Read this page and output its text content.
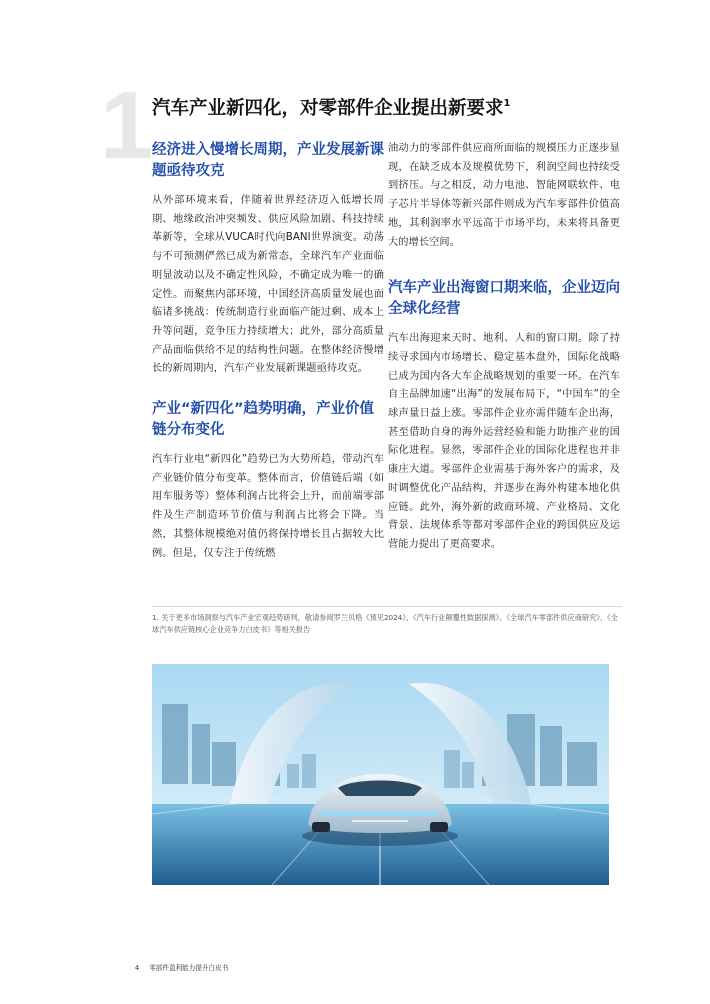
1
汽车产业新四化，对零部件企业提出新要求$^1$
经济进入慢增长周期，产业发展新课题亟待攻克

从外部环境来看，伴随着世界经济迈入低增长周期、地缘政治冲突频发、供应风险加剧、科技持续革新等，全球从VUCA时代向BANI世界演变。动荡与不可预测俨然已成为新常态，全球汽车产业面临明显波动以及不确定性风险，不确定成为唯一的确定性。而聚焦内部环境，中国经济高质量发展也面临诸多挑战：传统制造行业面临产能过剩、成本上升等问题，竞争压力持续增大；此外，部分高质量产品面临供给不足的结构性问题。在整体经济慢增长的新周期内，汽车产业发展新课题亟待攻克。

产业“新四化”趋势明确，产业价值链分布变化

汽车行业电“新四化”趋势已为大势所趋，带动汽车产业链价值分布变革。整体而言，价值链后端（如用车服务等）整体利润占比将会上升，而前端零部件及生产制造环节价值与利润占比将会下降。当然，其整体规模绝对值仍将保持增长且占据较大比例。但是，仅专注于传统燃

油动力的零部件供应商所面临的规模压力正逐步显现，在缺乏成本及规模优势下，利润空间也持续受到挤压。与之相反，动力电池、智能网联软件、电子芯片半导体等新兴部件则成为汽车零部件价值高地，其利润率水平远高于市场平均，未来将具备更大的增长空间。

汽车产业出海窗口期来临，企业迈向全球化经营

汽车出海迎来天时、地利、人和的窗口期。除了持续寻求国内市场增长、稳定基本盘外，国际化战略已成为国内各大车企战略规划的重要一环。在汽车自主品牌加速“出海”的发展布局下，“中国车”的全球声量日益上涨。零部件企业亦需伴随车企出海，甚至借助自身的海外运营经验和能力助推产业的国际化进程。显然，零部件企业的国际化进程也并非康庄大道。零部件企业需基于海外客户的需求，及时调整优化产品结构，并逐步在海外构建本地化供应链。此外，海外新的政商环境、产业格局、文化背景、法规体系等都对零部件企业的跨国供应及运营能力提出了更高要求。

1. 关于更多市场洞察与汽车产业宏观趋势研判，敬请参阅罗兰贝格《预见2024》、《汽车行业颠覆性数据探测》、《全球汽车零部件供应商研究》、《全球汽车供应链核心企业竞争力白皮书》等相关报告
4 零部件盈利能力提升白皮书
